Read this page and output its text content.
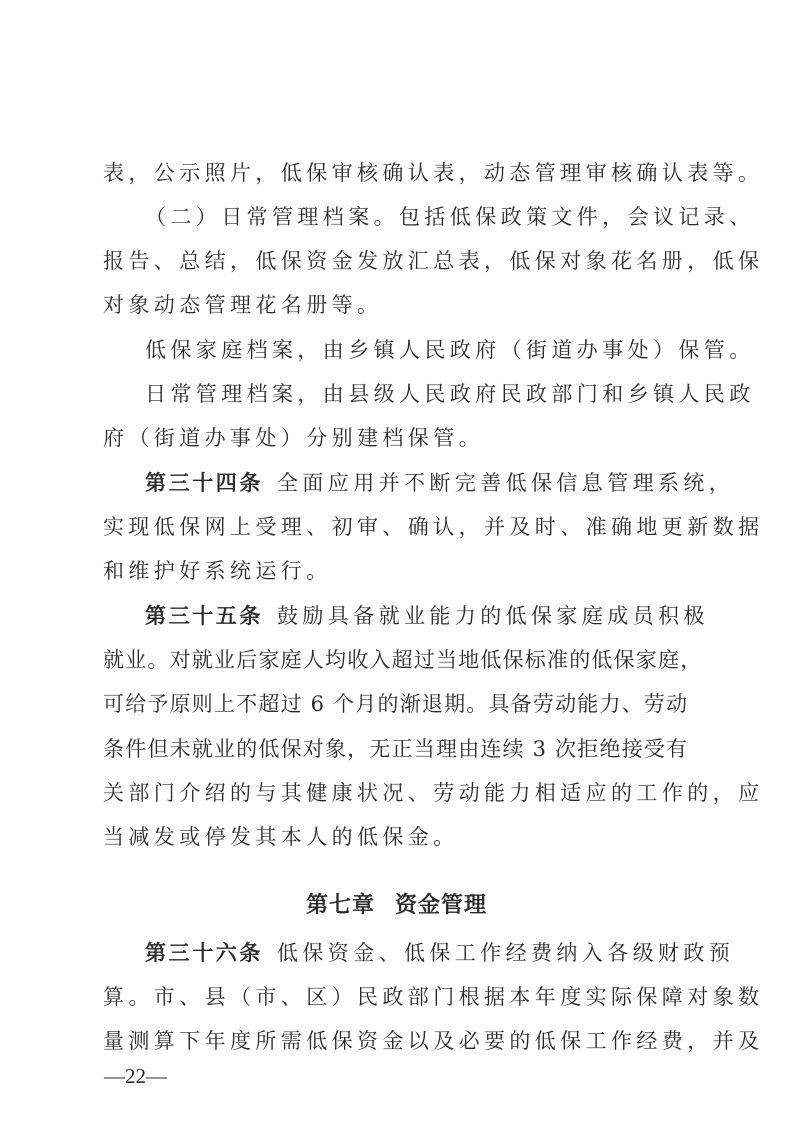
表，公示照片，低保审核确认表，动态管理审核确认表等。
（二）日常管理档案。包括低保政策文件，会议记录、
报告、总结，低保资金发放汇总表，低保对象花名册，低保
对象动态管理花名册等。
低保家庭档案，由乡镇人民政府（街道办事处）保管。
日常管理档案，由县级人民政府民政部门和乡镇人民政
府（街道办事处）分别建档保管。
第三十四条 全面应用并不断完善低保信息管理系统，
实现低保网上受理、初审、确认，并及时、准确地更新数据
和维护好系统运行。
第三十五条 鼓励具备就业能力的低保家庭成员积极
就业。对就业后家庭人均收入超过当地低保标准的低保家庭，
可给予原则上不超过 6 个月的渐退期。具备劳动能力、劳动
条件但未就业的低保对象，无正当理由连续 3 次拒绝接受有
关部门介绍的与其健康状况、劳动能力相适应的工作的，应
当减发或停发其本人的低保金。
第七章 资金管理
第三十六条 低保资金、低保工作经费纳入各级财政预
算。市、县（市、区）民政部门根据本年度实际保障对象数
量测算下年度所需低保资金以及必要的低保工作经费，并及
—22—
